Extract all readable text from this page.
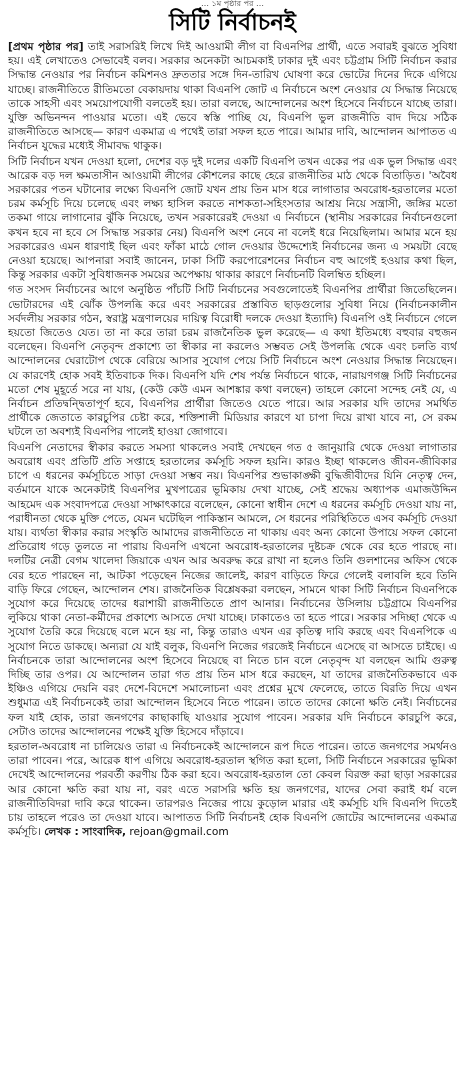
… ১ম পৃষ্ঠার পর …
সিটি নির্বাচনই

[প্রথম পৃষ্ঠার পর] তাই সরাসরিই লিখে দিই আওয়ামী লীগ বা বিএনপির প্রার্থী, এতে সবারই বুঝতে সুবিধা হয়। এই লেখাতেও সেভাবেই বলব। সরকার অনেকটা আচমকাই ঢাকার দুই এবং চট্টগ্রাম সিটি নির্বাচন করার সিদ্ধান্ত নেওয়ার পর নির্বাচন কমিশনও দ্রুততার সঙ্গে দিন-তারিখ ঘোষণা করে ভোটের দিনের দিকে এগিয়ে যাচ্ছে। রাজনীতিতে রীতিমতো বেকায়দায় থাকা বিএনপি জোট এ নির্বাচনে অংশ নেওয়ার যে সিদ্ধান্ত নিয়েছে তাকে সাহসী এবং সময়োপযোগী বলতেই হয়। তারা বলছে, আন্দোলনের অংশ হিসেবে নির্বাচনে যাচ্ছে তারা। যুক্তি অভিনন্দন পাওয়ার মতো। এই ভেবে স্বস্তি পাচ্ছি যে, বিএনপি ভুল রাজনীতি বাদ দিয়ে সঠিক রাজনীতিতে আসছে— কারণ একমাত্র এ পথেই তারা সফল হতে পারে। আমার দাবি, আন্দোলন আপাতত এ নির্বাচন যুদ্ধের মধ্যেই সীমাবদ্ধ থাকুক।

সিটি নির্বাচন যখন দেওয়া হলো, দেশের বড় দুই দলের একটি বিএনপি তখন একের পর এক ভুল সিদ্ধান্ত এবং আরেক বড় দল ক্ষমতাসীন আওয়ামী লীগের কৌশলের কাছে হেরে রাজনীতির মাঠ থেকে বিতাড়িত। 'অবৈধ সরকারের পতন ঘটানোর লক্ষ্যে বিএনপি জোট যখন প্রায় তিন মাস ধরে লাগাতার অবরোধ-হরতালের মতো চরম কর্মসূচি দিয়ে চলেছে এবং লক্ষ্য হাসিল করতে নাশকতা-সহিংসতার আশ্রয় নিয়ে সন্ত্রাসী, জঙ্গির মতো তকমা গায়ে লাগানোর ঝুঁকি নিয়েছে, তখন সরকারেরই দেওয়া এ নির্বাচনে (স্থানীয় সরকারের নির্বাচনগুলো কখন হবে না হবে সে সিদ্ধান্ত সরকার নেয়) বিএনপি অংশ নেবে না বলেই ধরে নিয়েছিলাম। আমার মনে হয় সরকারেরও এমন ধারণাই ছিল এবং ফাঁকা মাঠে গোল দেওয়ার উদ্দেশ্যেই নির্বাচনের জন্য এ সময়টা বেছে নেওয়া হয়েছে। আপনারা সবাই জানেন, ঢাকা সিটি করপোরেশনের নির্বাচন বহু আগেই হওয়ার কথা ছিল, কিন্তু সরকার একটা সুবিধাজনক সময়ের অপেক্ষায় থাকার কারণে নির্বাচনটি বিলম্বিত হচ্ছিল।

গত সংসদ নির্বাচনের আগে অনুষ্ঠিত পাঁচটি সিটি নির্বাচনের সবগুলোতেই বিএনপির প্রার্থীরা জিতেছিলেন। ভোটারদের এই ঝোঁক উপলব্ধি করে এবং সরকারের প্রস্তাবিত ছাড়গুলোর সুবিধা নিয়ে (নির্বাচনকালীন সর্বদলীয় সরকার গঠন, স্বরাষ্ট্র মন্ত্রণালয়ের দায়িত্ব বিরোধী দলকে দেওয়া ইত্যাদি) বিএনপি ওই নির্বাচনে গেলে হয়তো জিতেও যেত। তা না করে তারা চরম রাজনৈতিক ভুল করেছে— এ কথা ইতিমধ্যে বহুবার বহুজন বলেছেন। বিএনপি নেতৃবৃন্দ প্রকাশ্যে তা স্বীকার না করলেও সম্ভবত সেই উপলব্ধি থেকে এবং চলতি ব্যর্থ আন্দোলনের ঘেরাটোপ থেকে বেরিয়ে আসার সুযোগ পেয়ে সিটি নির্বাচনে অংশ নেওয়ার সিদ্ধান্ত নিয়েছেন। যে কারণেই হোক সবই ইতিবাচক দিক। বিএনপি যদি শেষ পর্যন্ত নির্বাচনে থাকে, নারায়ণগঞ্জ সিটি নির্বাচনের মতো শেষ মুহূর্তে সরে না যায়, (কেউ কেউ এমন আশঙ্কার কথা বলছেন) তাহলে কোনো সন্দেহ নেই যে, এ নির্বাচন প্রতিদ্বন্দ্বিতাপূর্ণ হবে, বিএনপির প্রার্থীরা জিতেও যেতে পারে। আর সরকার যদি তাদের সমর্থিত প্রার্থীকে জেতাতে কারচুপির চেষ্টা করে, শক্তিশালী মিডিয়ার কারণে যা চাপা দিয়ে রাখা যাবে না, সে রকম ঘটলে তা অবশ্যই বিএনপির পালেই হাওয়া জোগাবে।

বিএনপি নেতাদের স্বীকার করতে সমস্যা থাকলেও সবাই দেখছেন গত ৫ জানুয়ারি থেকে দেওয়া লাগাতার অবরোধ এবং প্রতিটি প্রতি সপ্তাহে হরতালের কর্মসূচি সফল হয়নি। কারও ইচ্ছা থাকলেও জীবন-জীবিকার চাপে এ ধরনের কর্মসূচিতে সাড়া দেওয়া সম্ভব নয়। বিএনপির শুভাকাঙ্ক্ষী বুদ্ধিজীবীদের যিনি নেতৃত্ব দেন, বর্তমানে যাকে অনেকটাই বিএনপির মুখপাত্রের ভূমিকায় দেখা যাচ্ছে, সেই শ্রদ্ধেয় অধ্যাপক এমাজউদ্দিন আহমেদ এক সংবাদপত্রে দেওয়া সাক্ষাৎকারে বলেছেন, কোনো স্বাধীন দেশে এ ধরনের কর্মসূচি দেওয়া যায় না, পরাধীনতা থেকে মুক্তি পেতে, যেমন ঘটেছিল পাকিস্তান আমলে, সে ধরনের পরিস্থিতিতে এসব কর্মসূচি দেওয়া যায়। ব্যর্থতা স্বীকার করার সংস্কৃতি আমাদের রাজনীতিতে না থাকায় এবং অন্য কোনো উপায়ে সফল কোনো প্রতিরোধ গড়ে তুলতে না পারায় বিএনপি এখনো অবরোধ-হরতালের দুষ্টচক্র থেকে বের হতে পারছে না। দলটির নেত্রী বেগম খালেদা জিয়াকে এখন আর অবরুদ্ধ করে রাখা না হলেও তিনি গুলশানের অফিস থেকে বের হতে পারছেন না, আটকা পড়েছেন নিজের জালেই, কারণ বাড়িতে ফিরে গেলেই বলাবলি হবে তিনি বাড়ি ফিরে গেছেন, আন্দোলন শেষ। রাজনৈতিক বিশ্লেষকরা বলছেন, সামনে থাকা সিটি নির্বাচন বিএনপিকে সুযোগ করে দিয়েছে তাদের ধরাশায়ী রাজনীতিতে প্রাণ আনার। নির্বাচনের উসিলায় চট্টগ্রামে বিএনপির লুকিয়ে থাকা নেতা-কর্মীদের প্রকাশ্যে আসতে দেখা যাচ্ছে। ঢাকাতেও তা হতে পারে। সরকার সদিচ্ছা থেকে এ সুযোগ তৈরি করে দিয়েছে বলে মনে হয় না, কিন্তু তারাও এখন এর কৃতিত্ব দাবি করছে এবং বিএনপিকে এ সুযোগ নিতে ডাকছে। অন্যরা যে যাই বলুক, বিএনপি নিজের গরজেই নির্বাচনে এসেছে বা আসতে চাইছে। এ নির্বাচনকে তারা আন্দোলনের অংশ হিসেবে নিয়েছে বা নিতে চান বলে নেতৃবৃন্দ যা বলছেন আমি গুরুত্ব দিচ্ছি তার ওপর। যে আন্দোলন তারা গত প্রায় তিন মাস ধরে করছেন, যা তাদের রাজনৈতিকভাবে এক ইঞ্চিও এগিয়ে দেয়নি বরং দেশে-বিদেশে সমালোচনা এবং প্রশ্নের মুখে ফেলেছে, তাতে বিরতি দিয়ে এখন শুধুমাত্র এই নির্বাচনকেই তারা আন্দোলন হিসেবে নিতে পারেন। তাতে তাদের কোনো ক্ষতি নেই। নির্বাচনের ফল যাই হোক, তারা জনগণের কাছাকাছি যাওয়ার সুযোগ পাবেন। সরকার যদি নির্বাচনে কারচুপি করে, সেটাও তাদের আন্দোলনের পক্ষেই যুক্তি হিসেবে দাঁড়াবে।

হরতাল-অবরোধ না চালিয়েও তারা এ নির্বাচনকেই আন্দোলনে রূপ দিতে পারেন। তাতে জনগণের সমর্থনও তারা পাবেন। পরে, আরেক ধাপ এগিয়ে অবরোধ-হরতাল স্থগিত করা হলো, সিটি নির্বাচনে সরকারের ভূমিকা দেখেই আন্দোলনের পরবর্তী করণীয় ঠিক করা হবে। অবরোধ-হরতাল তো কেবল বিরক্ত করা ছাড়া সরকারের আর কোনো ক্ষতি করা যায় না, বরং এতে সরাসরি ক্ষতি হয় জনগণের, যাদের সেবা করাই ধর্ম বলে রাজনীতিবিদরা দাবি করে থাকেন। তারপরও নিজের পায়ে কুড়োল মারার এই কর্মসূচি যদি বিএনপি দিতেই চায় তাহলে পরেও তা দেওয়া যাবে। আপাতত সিটি নির্বাচনই হোক বিএনপি জোটের আন্দোলনের একমাত্র কর্মসূচি। লেখক : সাংবাদিক, rejoan@gmail.com
